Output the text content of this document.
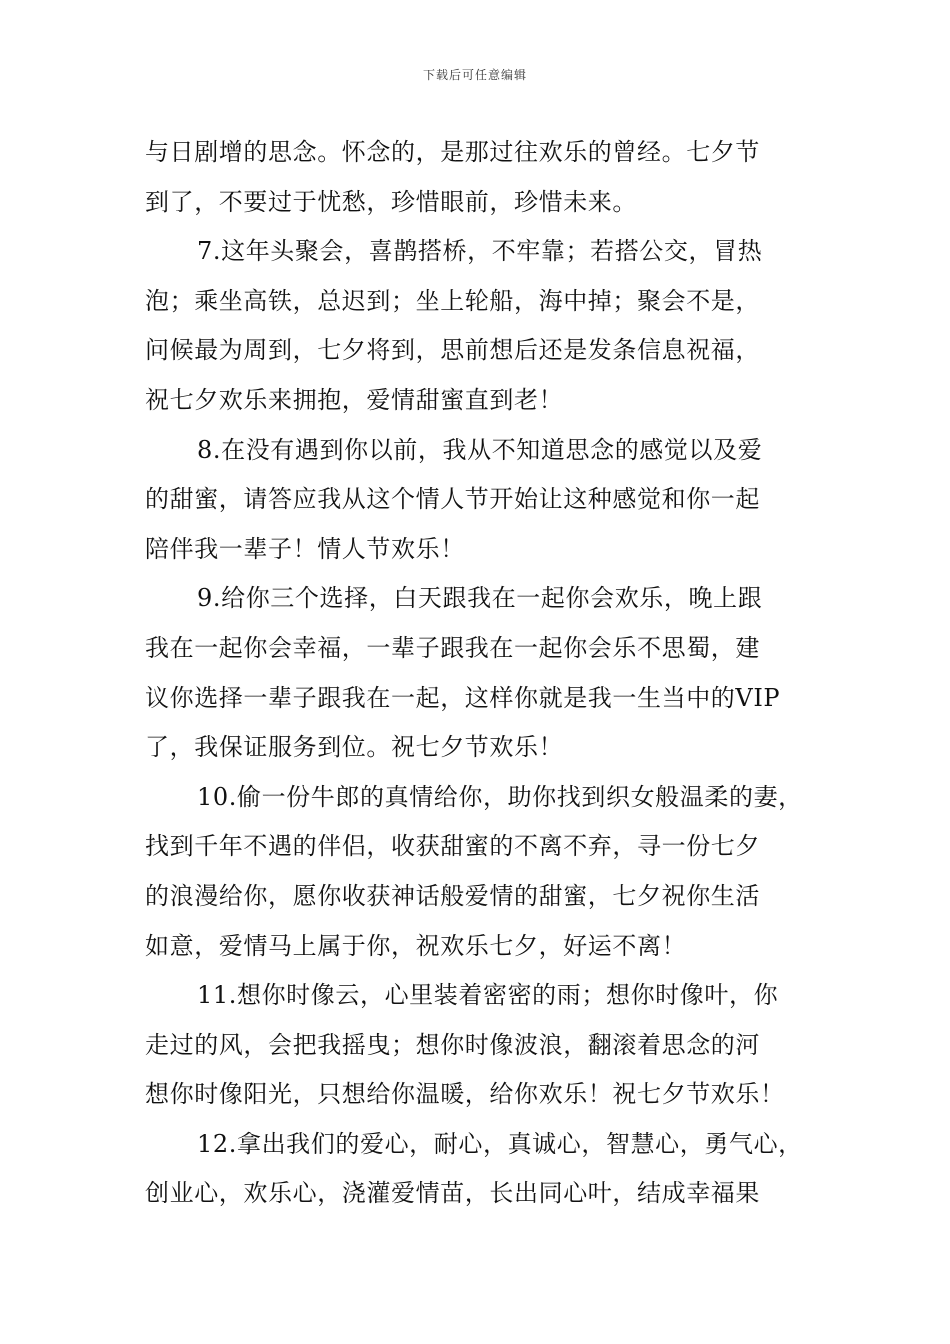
下载后可任意编辑
与日剧增的思念。怀念的，是那过往欢乐的曾经。七夕节
到了，不要过于忧愁，珍惜眼前，珍惜未来。
7.这年头聚会，喜鹊搭桥，不牢靠；若搭公交，冒热
泡；乘坐高铁，总迟到；坐上轮船，海中掉；聚会不是，
问候最为周到，七夕将到，思前想后还是发条信息祝福，
祝七夕欢乐来拥抱，爱情甜蜜直到老！
8.在没有遇到你以前，我从不知道思念的感觉以及爱
的甜蜜，请答应我从这个情人节开始让这种感觉和你一起
陪伴我一辈子！情人节欢乐！
9.给你三个选择，白天跟我在一起你会欢乐，晚上跟
我在一起你会幸福，一辈子跟我在一起你会乐不思蜀，建
议你选择一辈子跟我在一起，这样你就是我一生当中的VIP
了，我保证服务到位。祝七夕节欢乐！
10.偷一份牛郎的真情给你，助你找到织女般温柔的妻，
找到千年不遇的伴侣，收获甜蜜的不离不弃，寻一份七夕
的浪漫给你，愿你收获神话般爱情的甜蜜，七夕祝你生活
如意，爱情马上属于你，祝欢乐七夕，好运不离！
11.想你时像云，心里装着密密的雨；想你时像叶，你
走过的风，会把我摇曳；想你时像波浪，翻滚着思念的河
想你时像阳光，只想给你温暖，给你欢乐！祝七夕节欢乐！
12.拿出我们的爱心，耐心，真诚心，智慧心，勇气心，
创业心，欢乐心，浇灌爱情苗，长出同心叶，结成幸福果
